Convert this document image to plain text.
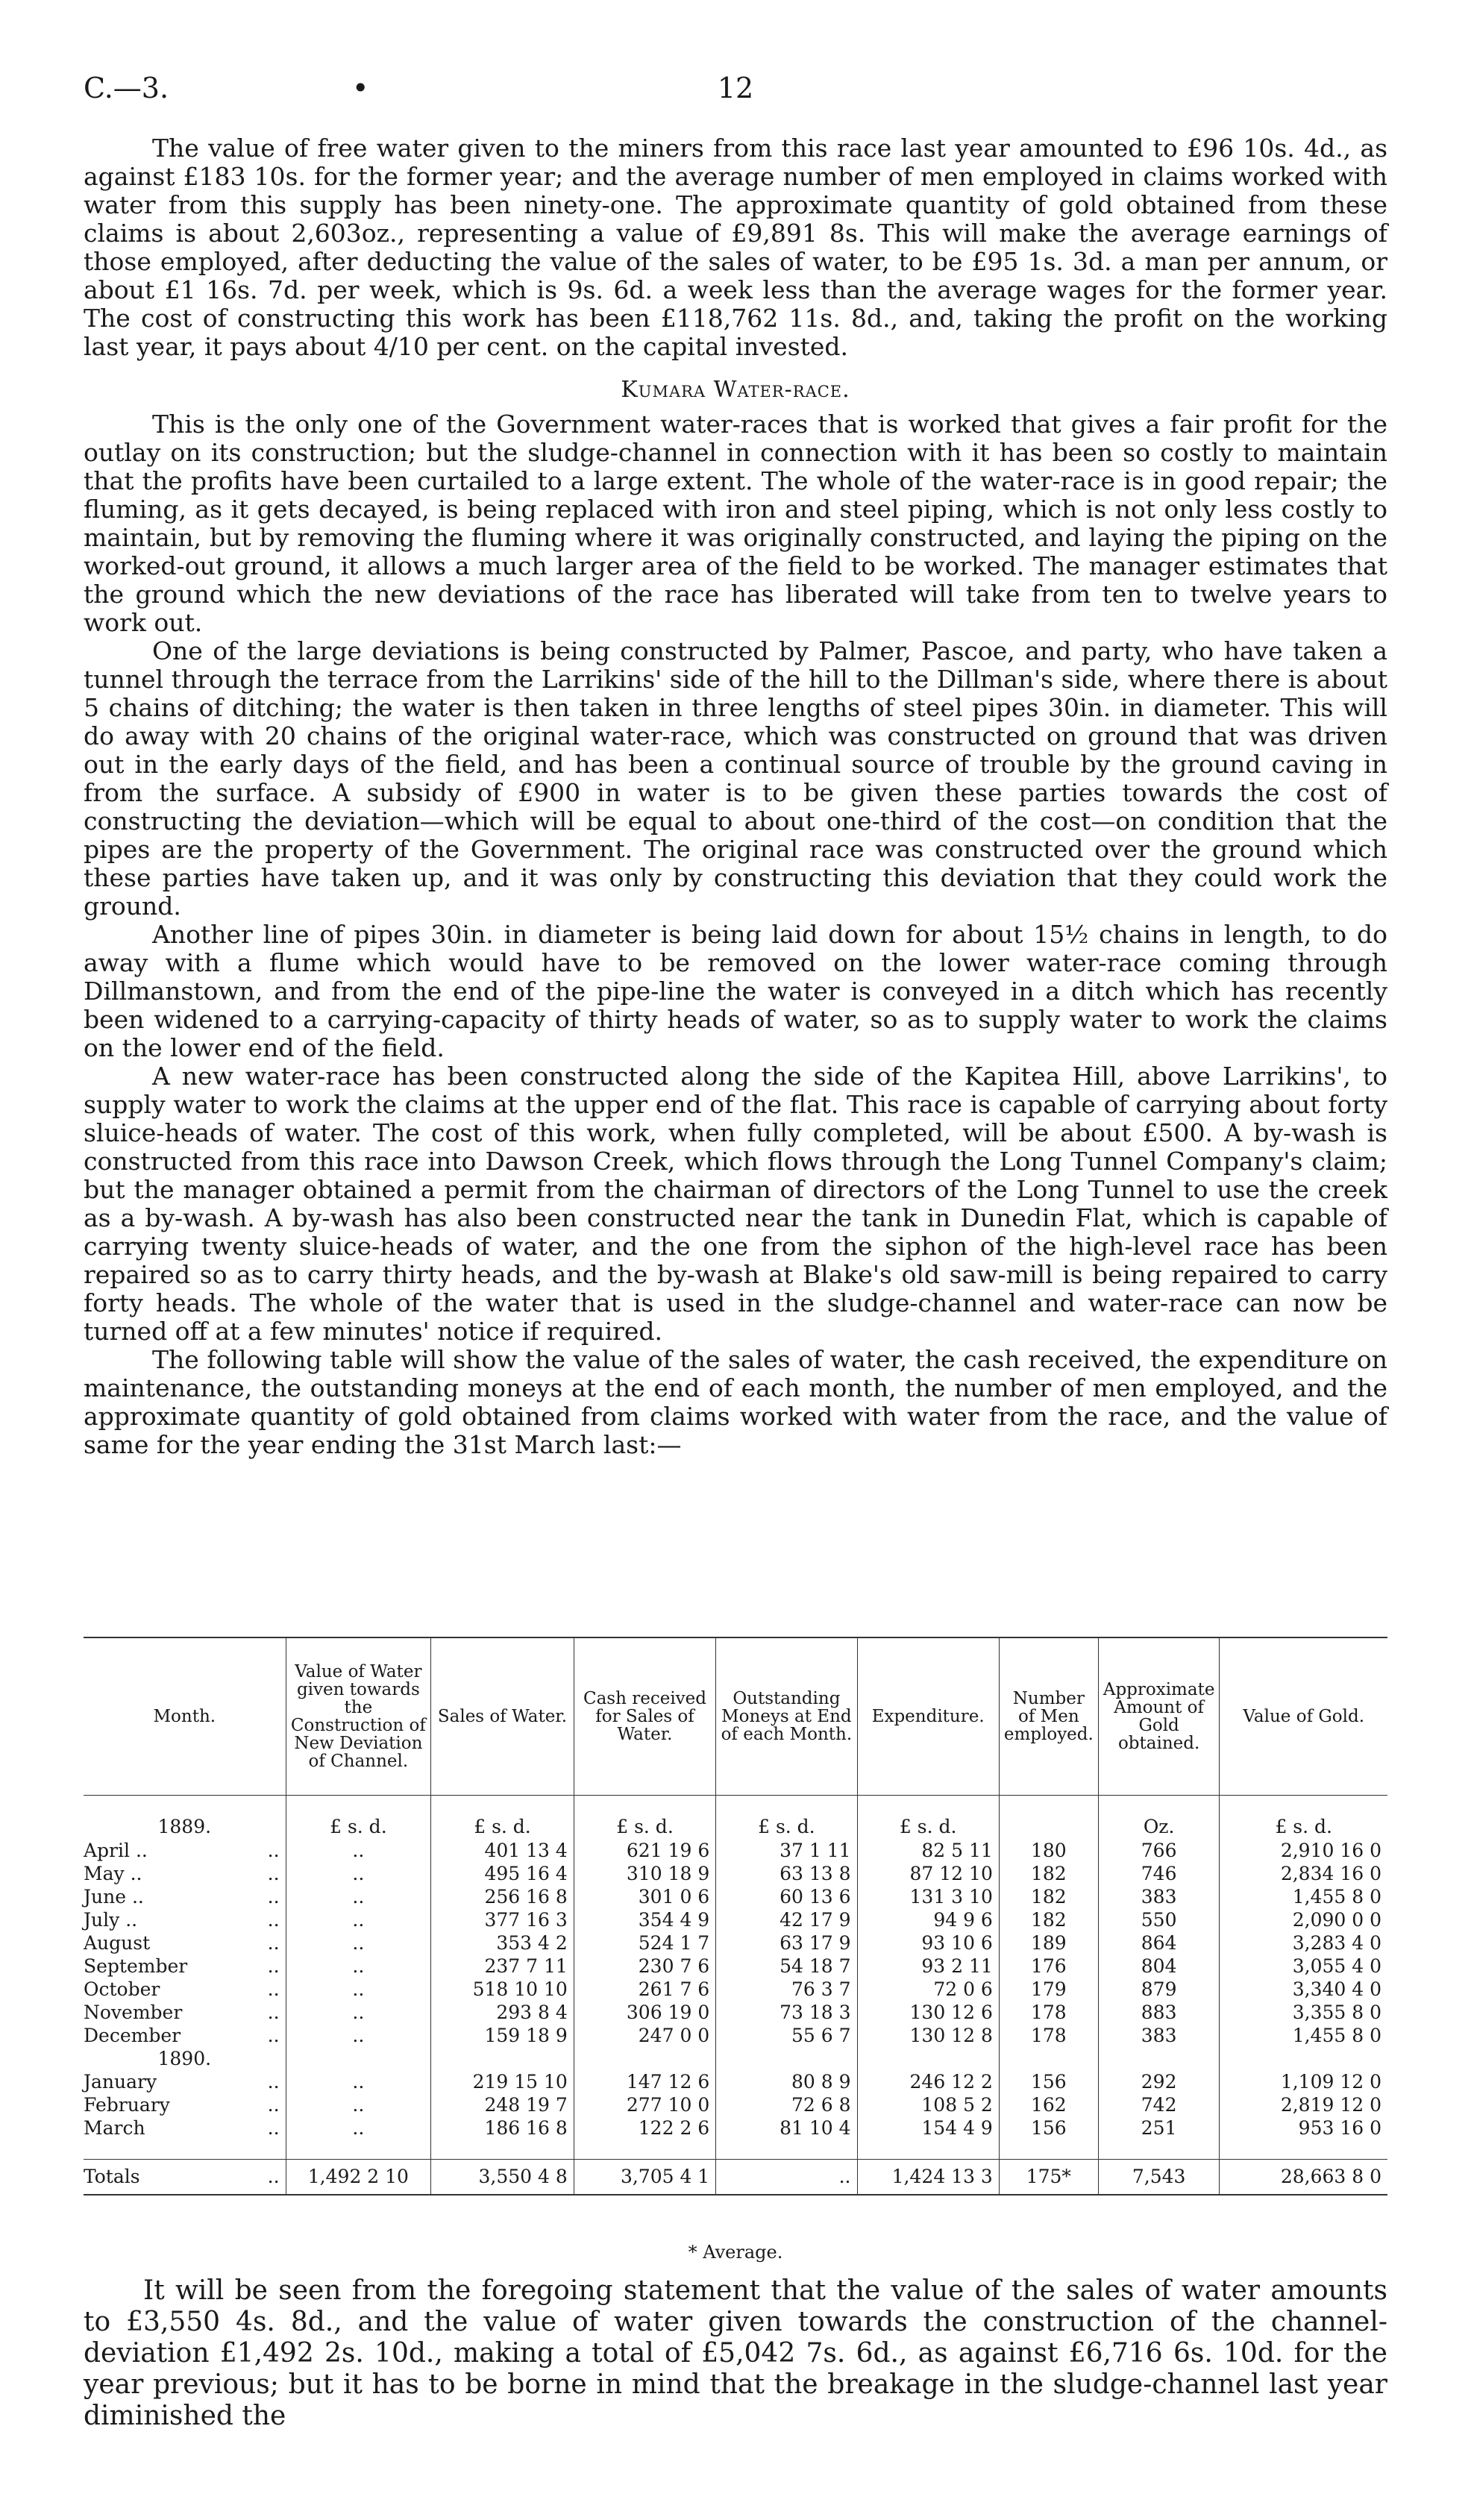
C.—3.	•	12

The value of free water given to the miners from this race last year amounted to £96 10s. 4d., as against £183 10s. for the former year; and the average number of men employed in claims worked with water from this supply has been ninety-one. The approximate quantity of gold obtained from these claims is about 2,603oz., representing a value of £9,891 8s. This will make the average earnings of those employed, after deducting the value of the sales of water, to be £95 1s. 3d. a man per annum, or about £1 16s. 7d. per week, which is 9s. 6d. a week less than the average wages for the former year. The cost of constructing this work has been £118,762 11s. 8d., and, taking the profit on the working last year, it pays about 4/10 per cent. on the capital invested.

Kumara Water-race.

This is the only one of the Government water-races that is worked that gives a fair profit for the outlay on its construction; but the sludge-channel in connection with it has been so costly to maintain that the profits have been curtailed to a large extent. The whole of the water-race is in good repair; the fluming, as it gets decayed, is being replaced with iron and steel piping, which is not only less costly to maintain, but by removing the fluming where it was originally constructed, and laying the piping on the worked-out ground, it allows a much larger area of the field to be worked. The manager estimates that the ground which the new deviations of the race has liberated will take from ten to twelve years to work out.

One of the large deviations is being constructed by Palmer, Pascoe, and party, who have taken a tunnel through the terrace from the Larrikins' side of the hill to the Dillman's side, where there is about 5 chains of ditching; the water is then taken in three lengths of steel pipes 30in. in diameter. This will do away with 20 chains of the original water-race, which was constructed on ground that was driven out in the early days of the field, and has been a continual source of trouble by the ground caving in from the surface. A subsidy of £900 in water is to be given these parties towards the cost of constructing the deviation—which will be equal to about one-third of the cost—on condition that the pipes are the property of the Government. The original race was constructed over the ground which these parties have taken up, and it was only by constructing this deviation that they could work the ground.

Another line of pipes 30in. in diameter is being laid down for about 15½ chains in length, to do away with a flume which would have to be removed on the lower water-race coming through Dillmanstown, and from the end of the pipe-line the water is conveyed in a ditch which has recently been widened to a carrying-capacity of thirty heads of water, so as to supply water to work the claims on the lower end of the field.

A new water-race has been constructed along the side of the Kapitea Hill, above Larrikins', to supply water to work the claims at the upper end of the flat. This race is capable of carrying about forty sluice-heads of water. The cost of this work, when fully completed, will be about £500. A by-wash is constructed from this race into Dawson Creek, which flows through the Long Tunnel Company's claim; but the manager obtained a permit from the chairman of directors of the Long Tunnel to use the creek as a by-wash. A by-wash has also been constructed near the tank in Dunedin Flat, which is capable of carrying twenty sluice-heads of water, and the one from the siphon of the high-level race has been repaired so as to carry thirty heads, and the by-wash at Blake's old saw-mill is being repaired to carry forty heads. The whole of the water that is used in the sludge-channel and water-race can now be turned off at a few minutes' notice if required.

The following table will show the value of the sales of water, the cash received, the expenditure on maintenance, the outstanding moneys at the end of each month, the number of men employed, and the approximate quantity of gold obtained from claims worked with water from the race, and the value of same for the year ending the 31st March last:—

Month.		Value of Water given towards the Construction of New Deviation of Channel.	Sales of Water.	Cash received for Sales of Water.	Outstanding Moneys at End of each Month.	Expenditure.	Number of Men employed.	Approximate Amount of Gold obtained.	Value of Gold.

1889.		£ s. d.	£ s. d.	£ s. d.	£ s. d.	£ s. d.		Oz.	£ s. d.
April ..	..	..	401 13 4	621 19 6	37 1 11	82 5 11	180	766	2,910 16 0
May ..	..	..	495 16 4	310 18 9	63 13 8	87 12 10	182	746	2,834 16 0
June ..	..	..	256 16 8	301 0 6	60 13 6	131 3 10	182	383	1,455 8 0
July ..	..	..	377 16 3	354 4 9	42 17 9	94 9 6	182	550	2,090 0 0
August	..	..	353 4 2	524 1 7	63 17 9	93 10 6	189	864	3,283 4 0
September	..	..	237 7 11	230 7 6	54 18 7	93 2 11	176	804	3,055 4 0
October	..	..	518 10 10	261 7 6	76 3 7	72 0 6	179	879	3,340 4 0
November	..	..	293 8 4	306 19 0	73 18 3	130 12 6	178	883	3,355 8 0
December	..	..	159 18 9	247 0 0	55 6 7	130 12 8	178	383	1,455 8 0
1890.									
January	..	..	219 15 10	147 12 6	80 8 9	246 12 2	156	292	1,109 12 0
February	..	..	248 19 7	277 10 0	72 6 8	108 5 2	162	742	2,819 12 0
March	..	..	186 16 8	122 2 6	81 10 4	154 4 9	156	251	953 16 0

Totals	..	1,492 2 10	3,550 4 8	3,705 4 1	..	1,424 13 3	175*	7,543	28,663 8 0
* Average.

It will be seen from the foregoing statement that the value of the sales of water amounts to £3,550 4s. 8d., and the value of water given towards the construction of the channel-deviation £1,492 2s. 10d., making a total of £5,042 7s. 6d., as against £6,716 6s. 10d. for the year previous; but it has to be borne in mind that the breakage in the sludge-channel last year diminished the
